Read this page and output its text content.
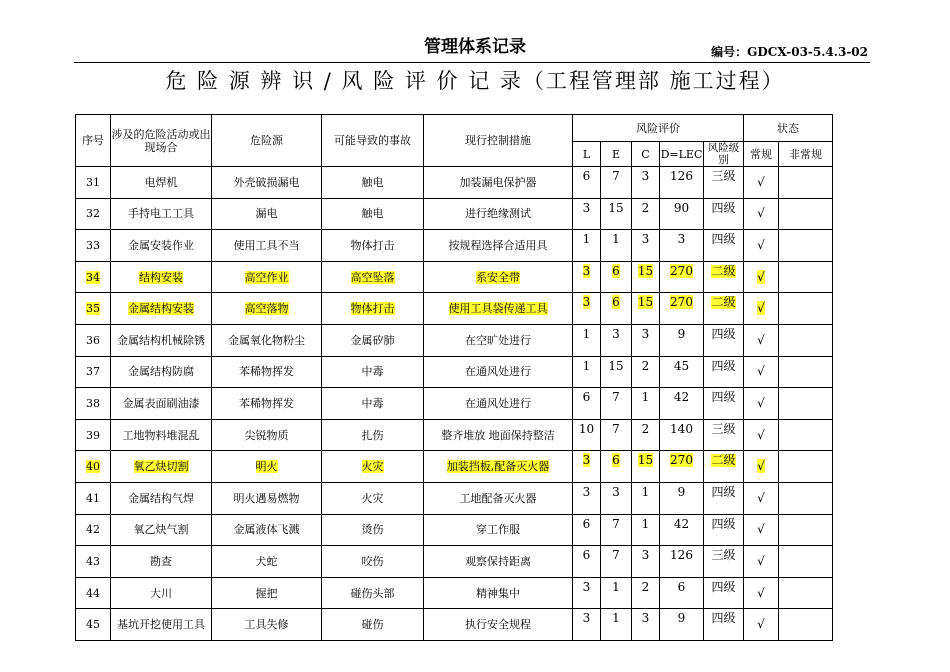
管理体系记录	编号：GDCX-03-5.4.3-02
危 险 源 辨 识 / 风 险 评 价 记 录（工程管理部 施工过程）
序号	涉及的危险活动或出现场合	危险源	可能导致的事故	现行控制措施	风险评价					状态	
					L	E	C	D=LEC	风险级别	常规	非常规
31	电焊机	外壳破损漏电	触电	加装漏电保护器	6	7	3	126	三级	√	
32	手持电工工具	漏电	触电	进行绝缘测试	3	15	2	90	四级	√	
33	金属安装作业	使用工具不当	物体打击	按规程选择合适用具	1	1	3	3	四级	√	
34	结构安装	高空作业	高空坠落	系安全带	3	6	15	270	二级	√	
35	金属结构安装	高空落物	物体打击	使用工具袋传递工具	3	6	15	270	二级	√	
36	金属结构机械除锈	金属氧化物粉尘	金属矽肺	在空旷处进行	1	3	3	9	四级	√	
37	金属结构防腐	苯稀物挥发	中毒	在通风处进行	1	15	2	45	四级	√	
38	金属表面刷油漆	苯稀物挥发	中毒	在通风处进行	6	7	1	42	四级	√	
39	工地物料堆混乱	尖锐物质	扎伤	整齐堆放 地面保持整洁	10	7	2	140	三级	√	
40	氧乙炔切割	明火	火灾	加装挡板,配备灭火器	3	6	15	270	二级	√	
41	金属结构气焊	明火遇易燃物	火灾	工地配备灭火器	3	3	1	9	四级	√	
42	氧乙炔气割	金属液体飞溅	烫伤	穿工作服	6	7	1	42	四级	√	
43	勘查	犬蛇	咬伤	观察保持距离	6	7	3	126	三级	√	
44	大川	握把	碰伤头部	精神集中	3	1	2	6	四级	√	
45	基坑开挖使用工具	工具失修	碰伤	执行安全规程	3	1	3	9	四级	√	
